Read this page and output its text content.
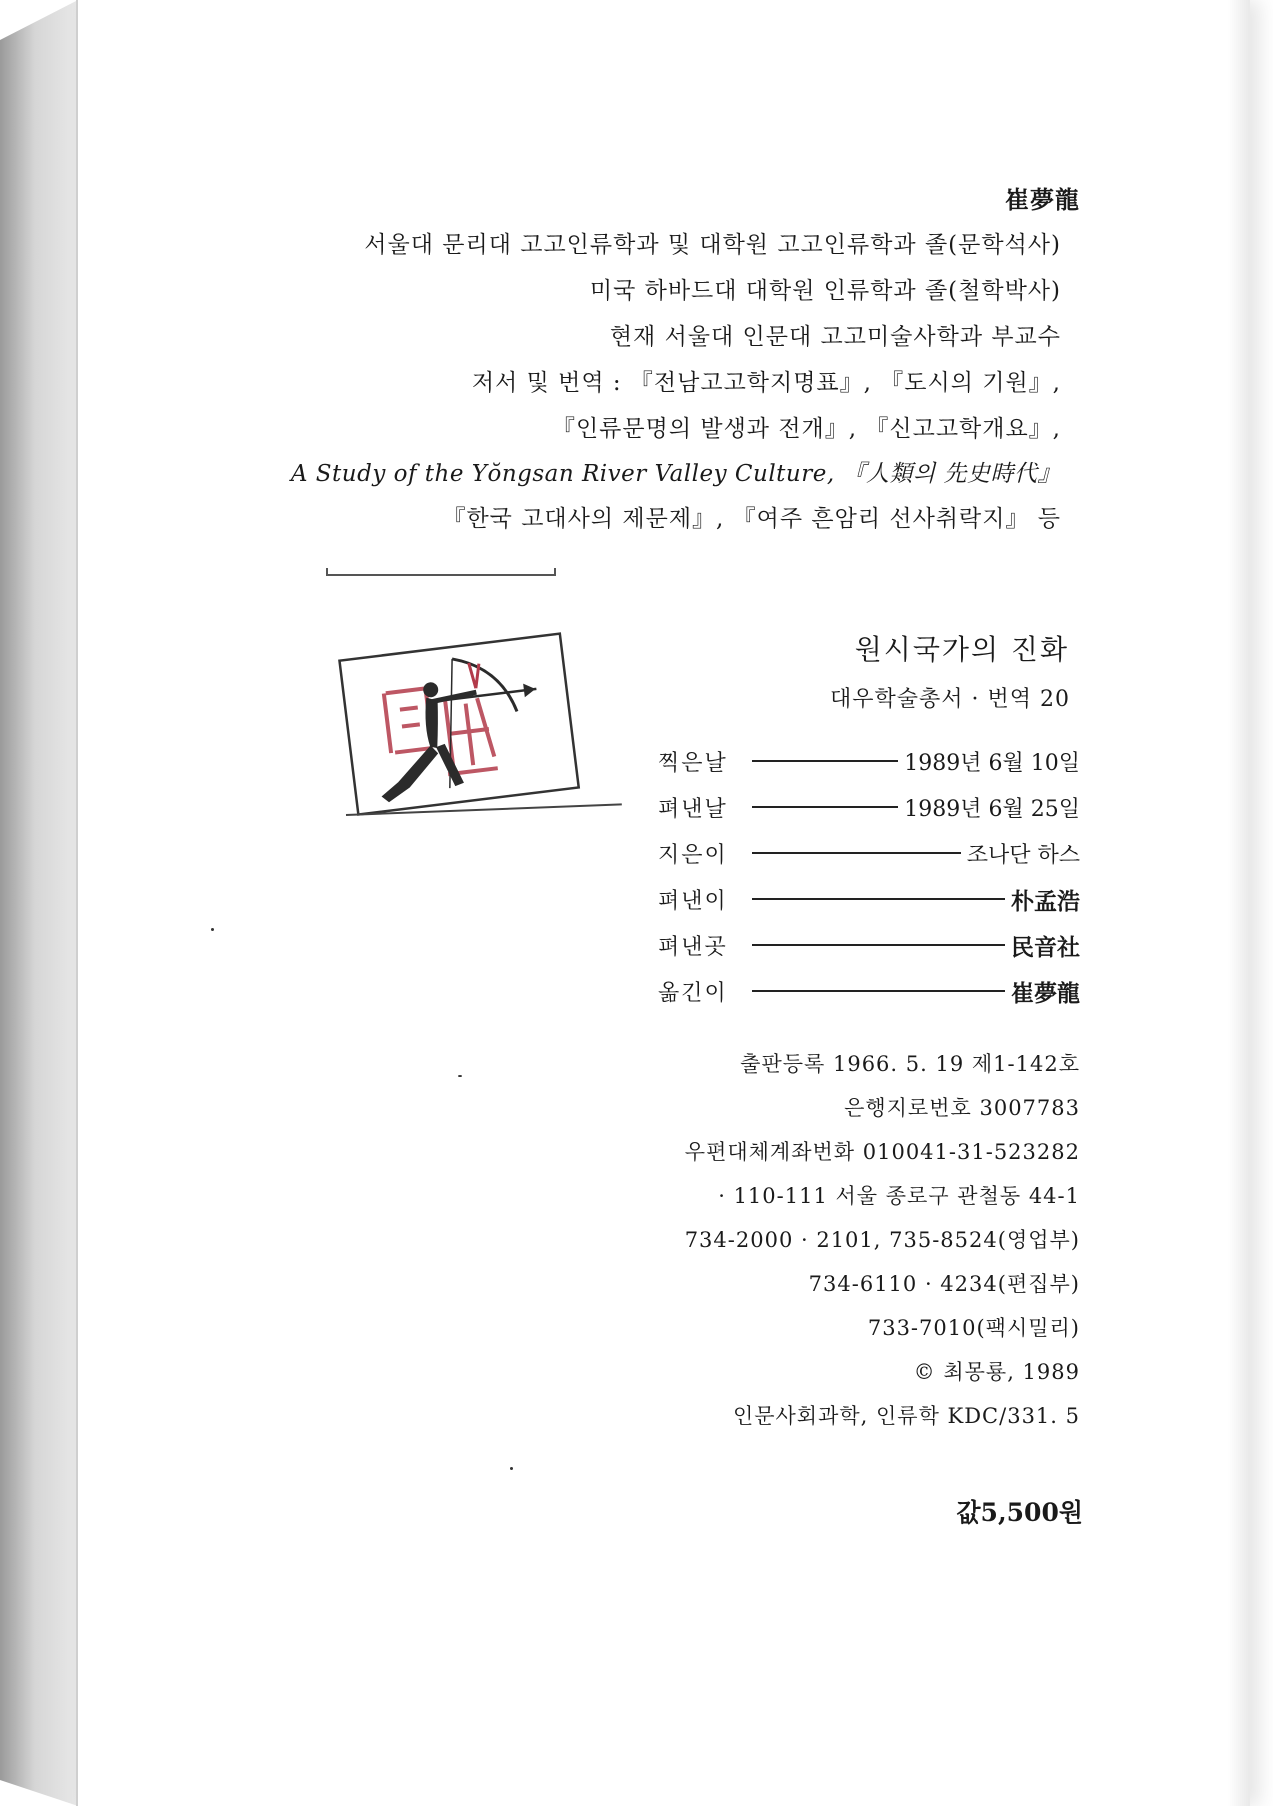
崔夢龍
서울대 문리대 고고인류학과 및 대학원 고고인류학과 졸(문학석사)
미국 하바드대 대학원 인류학과 졸(철학박사)
현재 서울대 인문대 고고미술사학과 부교수
저서 및 번역 : 『전남고고학지명표』, 『도시의 기원』,
『인류문명의 발생과 전개』, 『신고고학개요』,
A Study of the Yŏngsan River Valley Culture, 『人類의 先史時代』
『한국 고대사의 제문제』, 『여주 흔암리 선사취락지』 등
원시국가의 진화
대우학술총서 · 번역 20
찍은날	1989년 6월 10일
펴낸날	1989년 6월 25일
지은이	조나단 하스
펴낸이	朴孟浩
펴낸곳	民音社
옮긴이	崔夢龍
출판등록 1966. 5. 19 제1-142호
은행지로번호 3007783
우편대체계좌번화 010041-31-523282
· 110-111 서울 종로구 관철동 44-1
734-2000 · 2101, 735-8524(영업부)
734-6110 · 4234(편집부)
733-7010(팩시밀리)
© 최몽룡, 1989
인문사회과학, 인류학 KDC/331. 5
값5,500원
